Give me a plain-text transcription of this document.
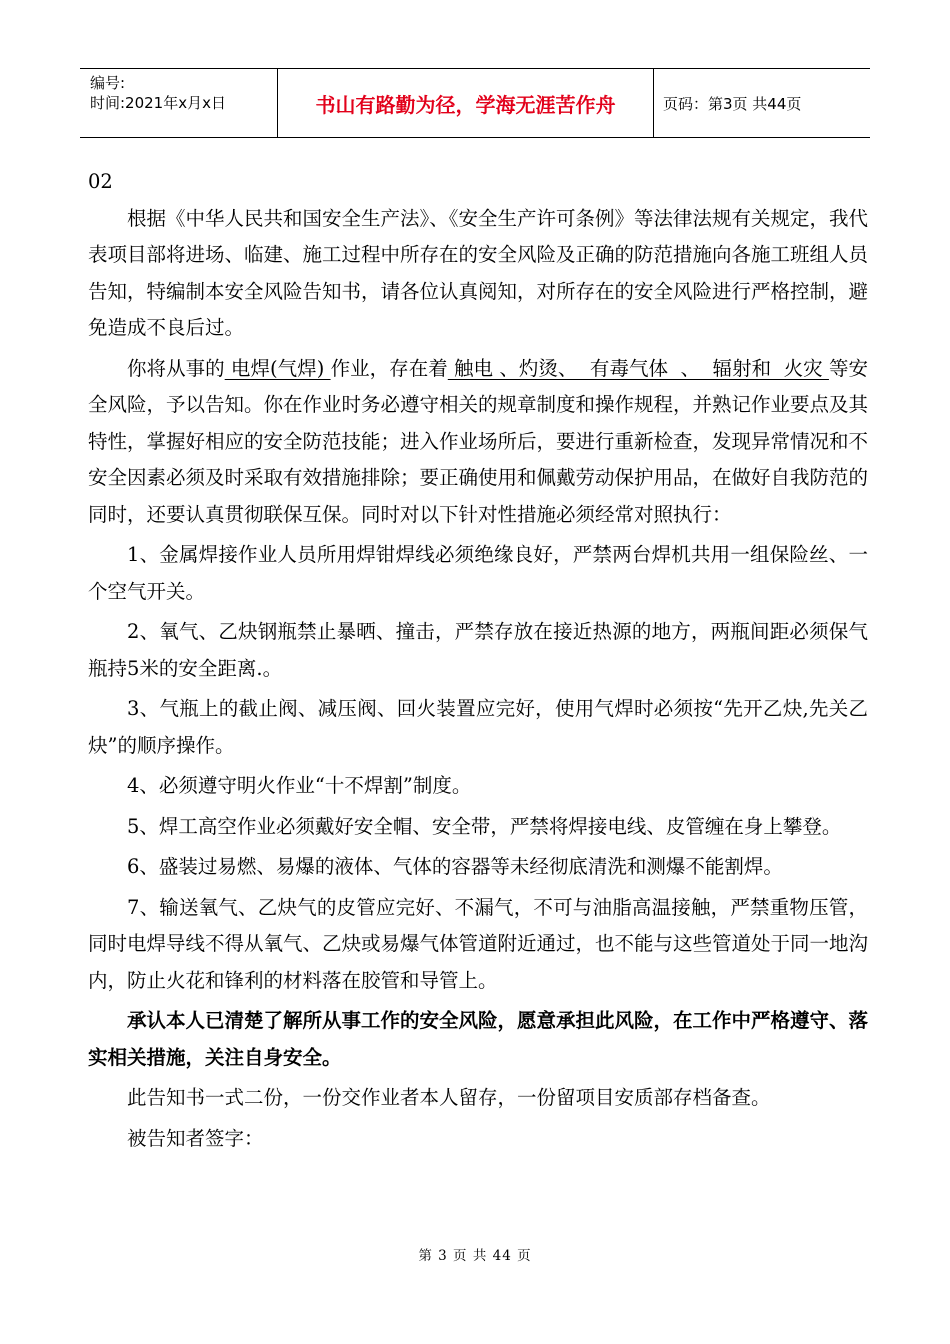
编号:
时间:2021年x月x日	书山有路勤为径，学海无涯苦作舟	页码：第3页 共44页

02

根据《中华人民共和国安全生产法》、《安全生产许可条例》等法律法规有关规定，我代表项目部将进场、临建、施工过程中所存在的安全风险及正确的防范措施向各施工班组人员告知，特编制本安全风险告知书，请各位认真阅知，对所存在的安全风险进行严格控制，避免造成不良后过。

你将从事的 电焊(气焊) 作业，存在着 触电 、灼烫、  有毒气体  、  辐射和  火灾 等安全风险，予以告知。你在作业时务必遵守相关的规章制度和操作规程，并熟记作业要点及其特性，掌握好相应的安全防范技能；进入作业场所后，要进行重新检查，发现异常情况和不安全因素必须及时采取有效措施排除；要正确使用和佩戴劳动保护用品，在做好自我防范的同时，还要认真贯彻联保互保。同时对以下针对性措施必须经常对照执行：

1、金属焊接作业人员所用焊钳焊线必须绝缘良好，严禁两台焊机共用一组保险丝、一个空气开关。

2、氧气、乙炔钢瓶禁止暴晒、撞击，严禁存放在接近热源的地方，两瓶间距必须保气瓶持5米的安全距离.。

3、气瓶上的截止阀、减压阀、回火装置应完好，使用气焊时必须按“先开乙炔,先关乙炔”的顺序操作。

4、必须遵守明火作业“十不焊割”制度。

5、焊工高空作业必须戴好安全帽、安全带，严禁将焊接电线、皮管缠在身上攀登。

6、盛装过易燃、易爆的液体、气体的容器等未经彻底清洗和测爆不能割焊。

7、输送氧气、乙炔气的皮管应完好、不漏气，不可与油脂高温接触，严禁重物压管，同时电焊导线不得从氧气、乙炔或易爆气体管道附近通过，也不能与这些管道处于同一地沟内，防止火花和锋利的材料落在胶管和导管上。

承认本人已清楚了解所从事工作的安全风险，愿意承担此风险，在工作中严格遵守、落实相关措施，关注自身安全。

此告知书一式二份，一份交作业者本人留存，一份留项目安质部存档备查。

被告知者签字：

第 3 页 共 44 页
